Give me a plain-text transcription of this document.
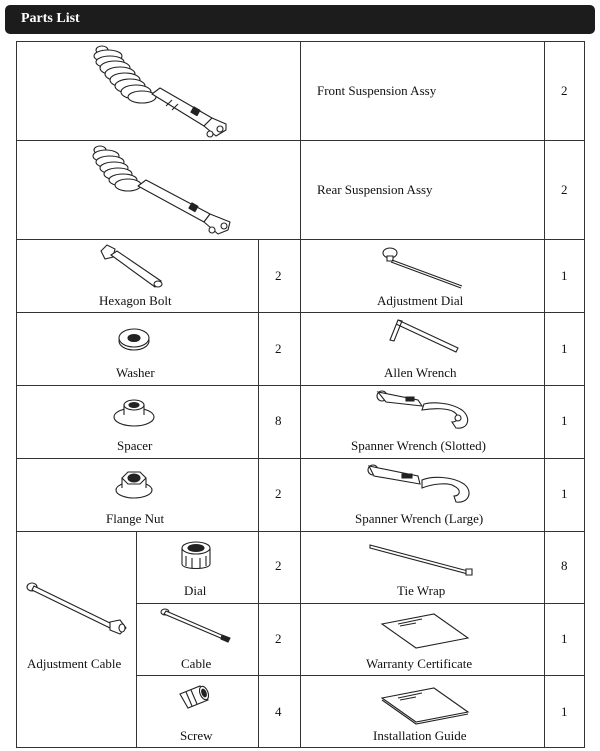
Parts List
Front Suspension Assy	2
Rear Suspension Assy	2
Hexagon Bolt
2
Adjustment Dial
1
Washer
2
Allen Wrench
1
Spacer
8
Spanner Wrench (Slotted)
1
Flange Nut
2
Spanner Wrench (Large)
1
Adjustment Cable
Dial
2
Cable
2
Screw
4
Tie Wrap
8
Warranty Certificate
1
Installation Guide
1
